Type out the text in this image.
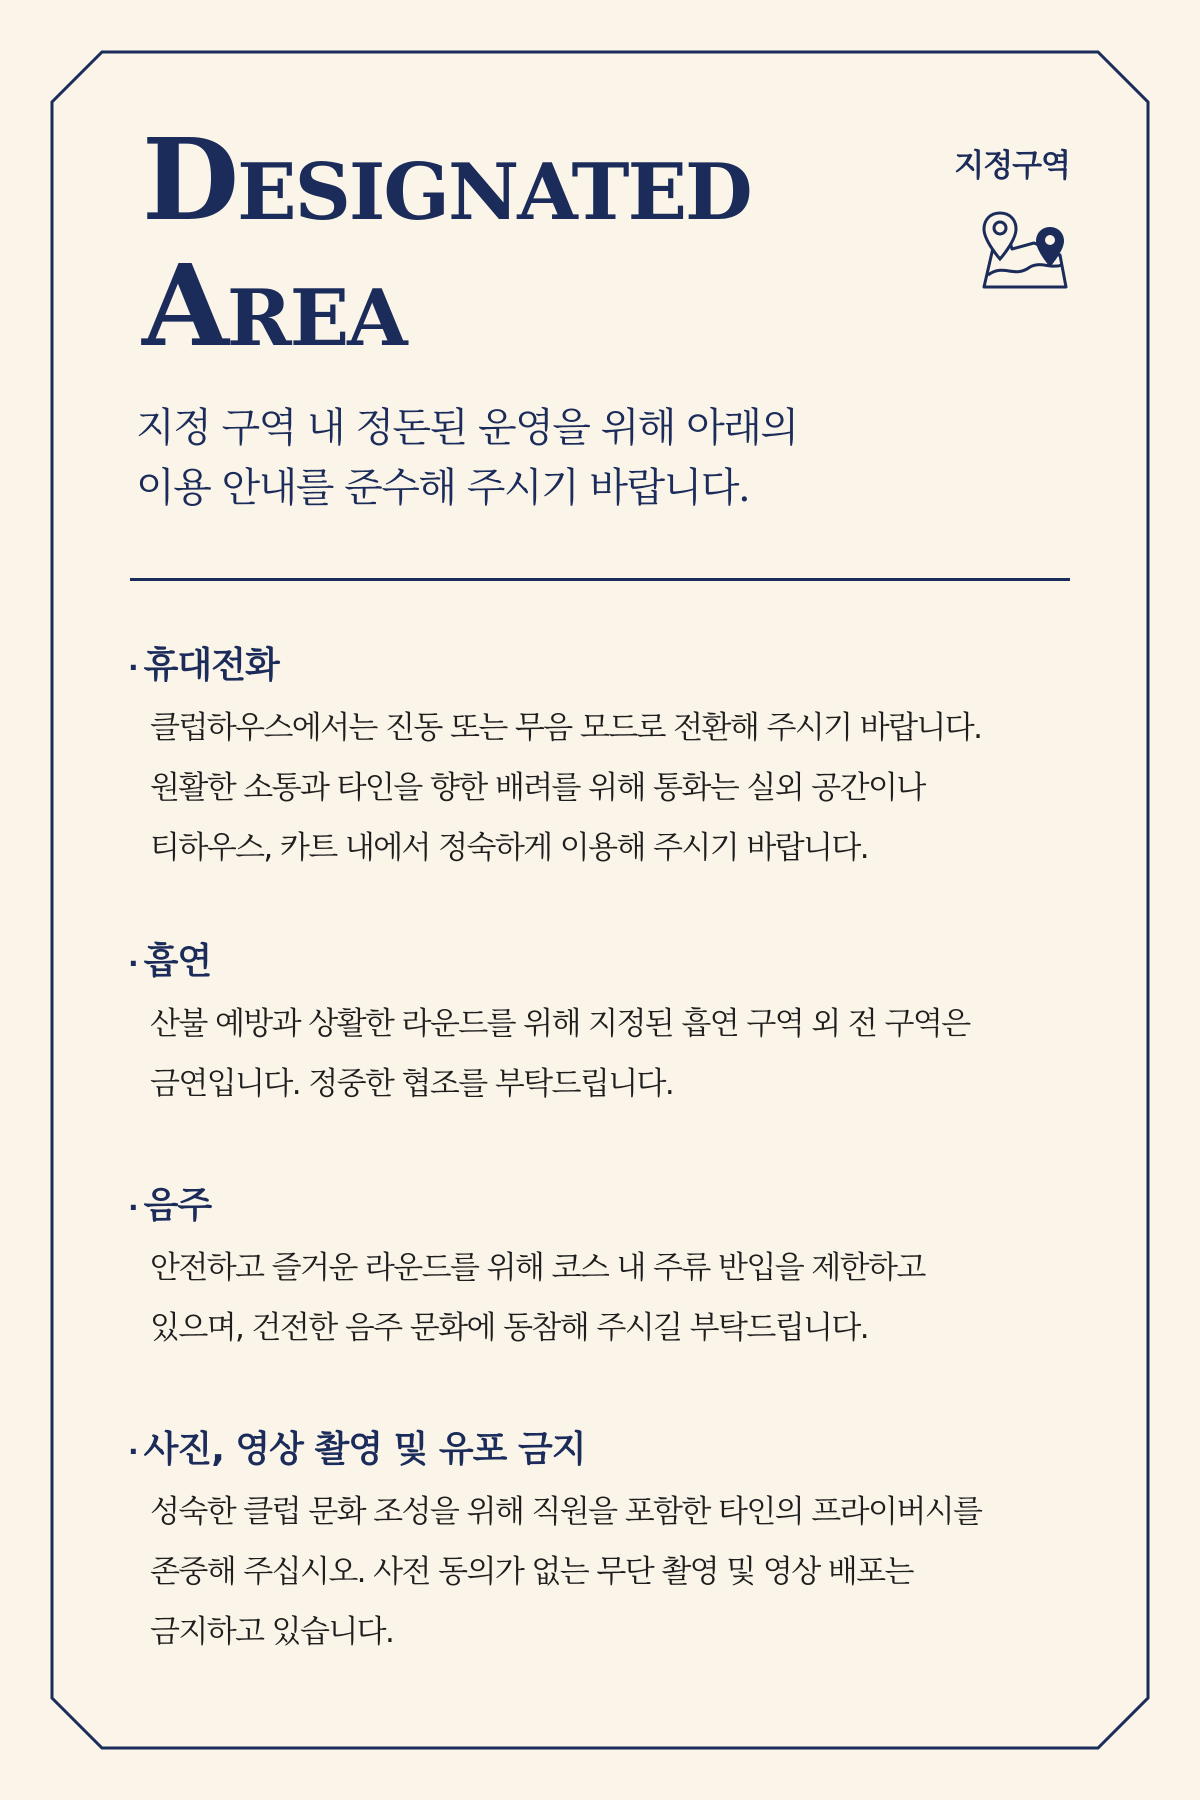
Designated
Area
지정구역
지정 구역 내 정돈된 운영을 위해 아래의
이용 안내를 준수해 주시기 바랍니다.
· 휴대전화
클럽하우스에서는 진동 또는 무음 모드로 전환해 주시기 바랍니다.
원활한 소통과 타인을 향한 배려를 위해 통화는 실외 공간이나
티하우스, 카트 내에서 정숙하게 이용해 주시기 바랍니다.
· 흡연
산불 예방과 상활한 라운드를 위해 지정된 흡연 구역 외 전 구역은
금연입니다. 정중한 협조를 부탁드립니다.
· 음주
안전하고 즐거운 라운드를 위해 코스 내 주류 반입을 제한하고
있으며, 건전한 음주 문화에 동참해 주시길 부탁드립니다.
· 사진, 영상 촬영 및 유포 금지
성숙한 클럽 문화 조성을 위해 직원을 포함한 타인의 프라이버시를
존중해 주십시오. 사전 동의가 없는 무단 촬영 및 영상 배포는
금지하고 있습니다.
